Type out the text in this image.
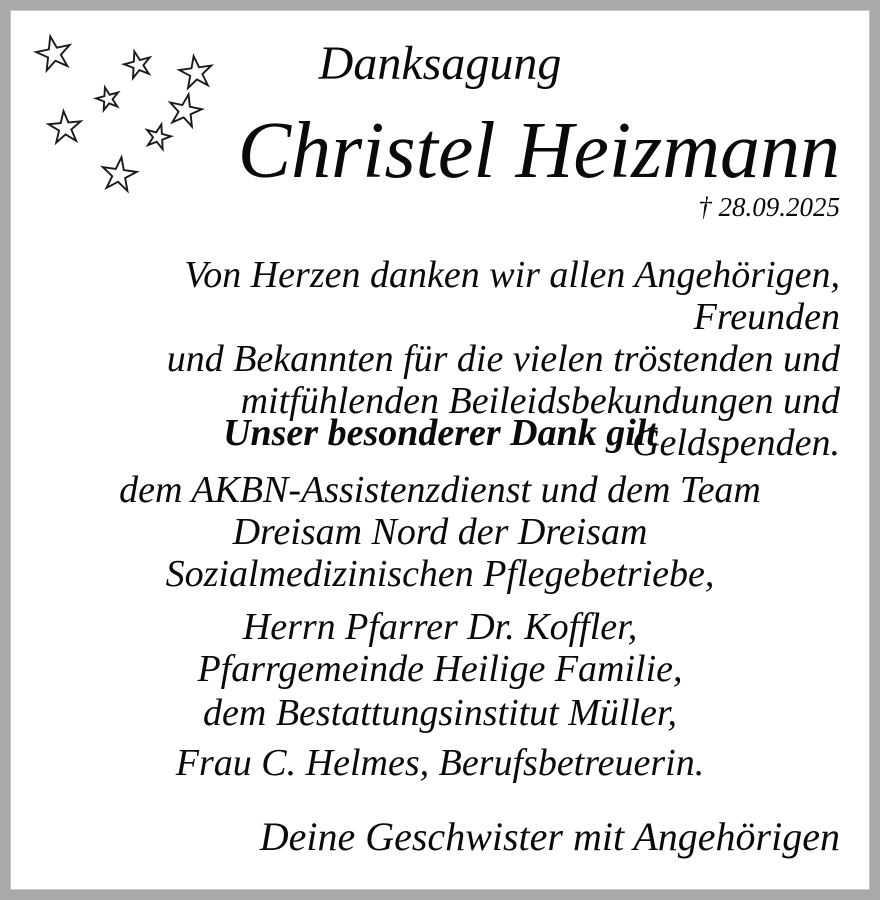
Danksagung
Christel Heizmann
† 28.09.2025
Von Herzen danken wir allen Angehörigen, Freunden
und Bekannten für die vielen tröstenden und
mitfühlenden Beileidsbekundungen und Geldspenden.
Unser besonderer Dank gilt
dem AKBN-Assistenzdienst und dem Team
Dreisam Nord der Dreisam
Sozialmedizinischen Pflegebetriebe,
Herrn Pfarrer Dr. Koffler,
Pfarrgemeinde Heilige Familie,
dem Bestattungsinstitut Müller,
Frau C. Helmes, Berufsbetreuerin.
Deine Geschwister mit Angehörigen
